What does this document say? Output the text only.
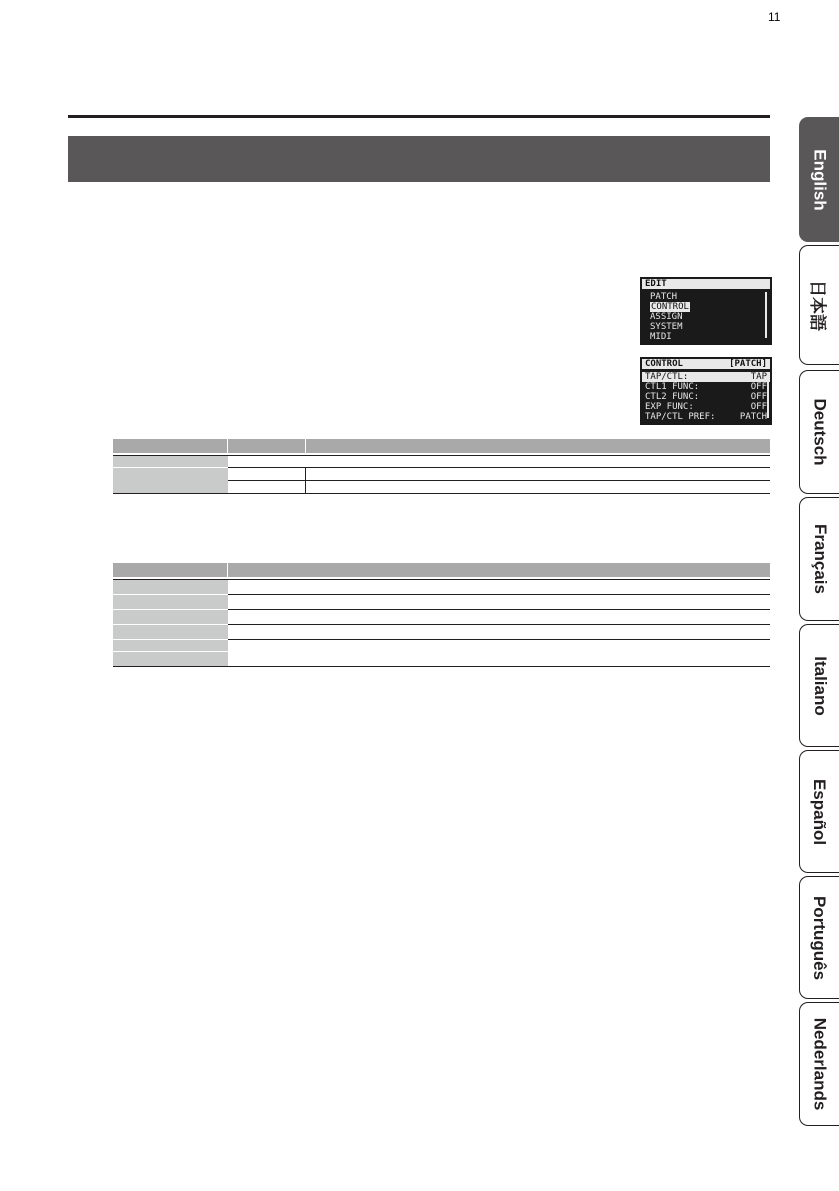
11
EDIT
PATCH
CONTROL
ASSIGN
SYSTEM
MIDI
CONTROL	[PATCH]
TAP/CTL:	TAP
CTL1 FUNC:	OFF
CTL2 FUNC:	OFF
EXP FUNC:	OFF
TAP/CTL PREF:	PATCH

English
日本語
Deutsch
Français
Italiano
Español
Português
Nederlands
